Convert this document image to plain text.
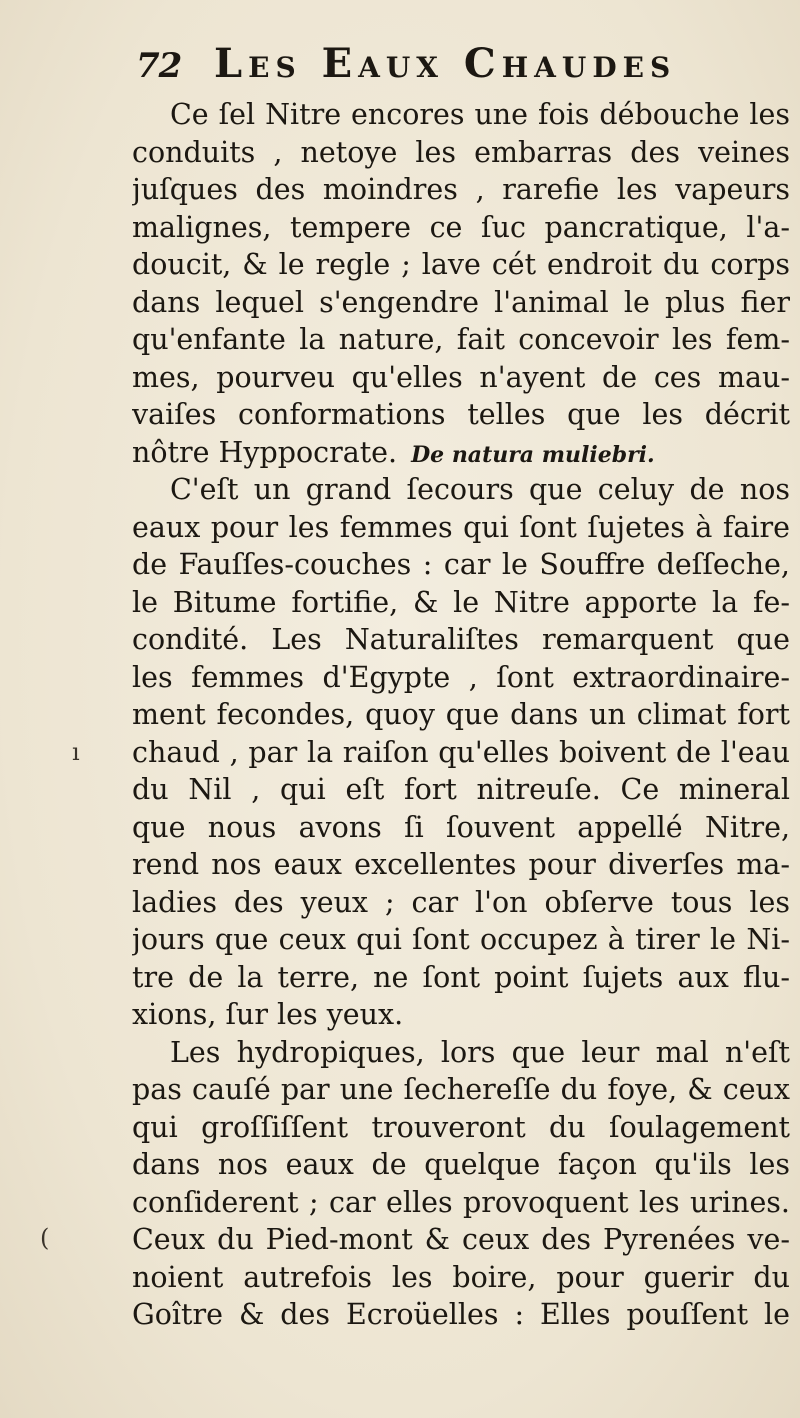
72 Les Eaux Chaudes
Ce ſel Nitre encores une fois débouche les
conduits , netoye les embarras des veines
juſques des moindres , rarefie les vapeurs
malignes, tempere ce ſuc pancratique, l'a-
doucit, & le regle ; lave cét endroit du corps
dans lequel s'engendre l'animal le plus fier
qu'enfante la nature, fait concevoir les fem-
mes, pourveu qu'elles n'ayent de ces mau-
vaiſes conformations telles que les décrit
nôtre Hyppocrate. De natura muliebri.
C'eſt un grand ſecours que celuy de nos
eaux pour les femmes qui ſont ſujetes à faire
de Fauſſes-couches : car le Souffre deſſeche,
le Bitume fortifie, & le Nitre apporte la fe-
condité. Les Naturaliſtes remarquent que
les femmes d'Egypte , ſont extraordinaire-
ment fecondes, quoy que dans un climat fort
chaud , par la raiſon qu'elles boivent de l'eau
du Nil , qui eſt fort nitreuſe. Ce mineral
que nous avons ſi ſouvent appellé Nitre,
rend nos eaux excellentes pour diverſes ma-
ladies des yeux ; car l'on obſerve tous les
jours que ceux qui ſont occupez à tirer le Ni-
tre de la terre, ne ſont point ſujets aux flu-
xions, ſur les yeux.
Les hydropiques, lors que leur mal n'eſt
pas cauſé par une ſechereſſe du foye, & ceux
qui groſſiſſent trouveront du ſoulagement
dans nos eaux de quelque façon qu'ils les
conſiderent ; car elles provoquent les urines.
Ceux du Pied-mont & ceux des Pyrenées ve-
noient autrefois les boire, pour guerir du
Goître & des Ecroüelles : Elles pouſſent le
ı
(
